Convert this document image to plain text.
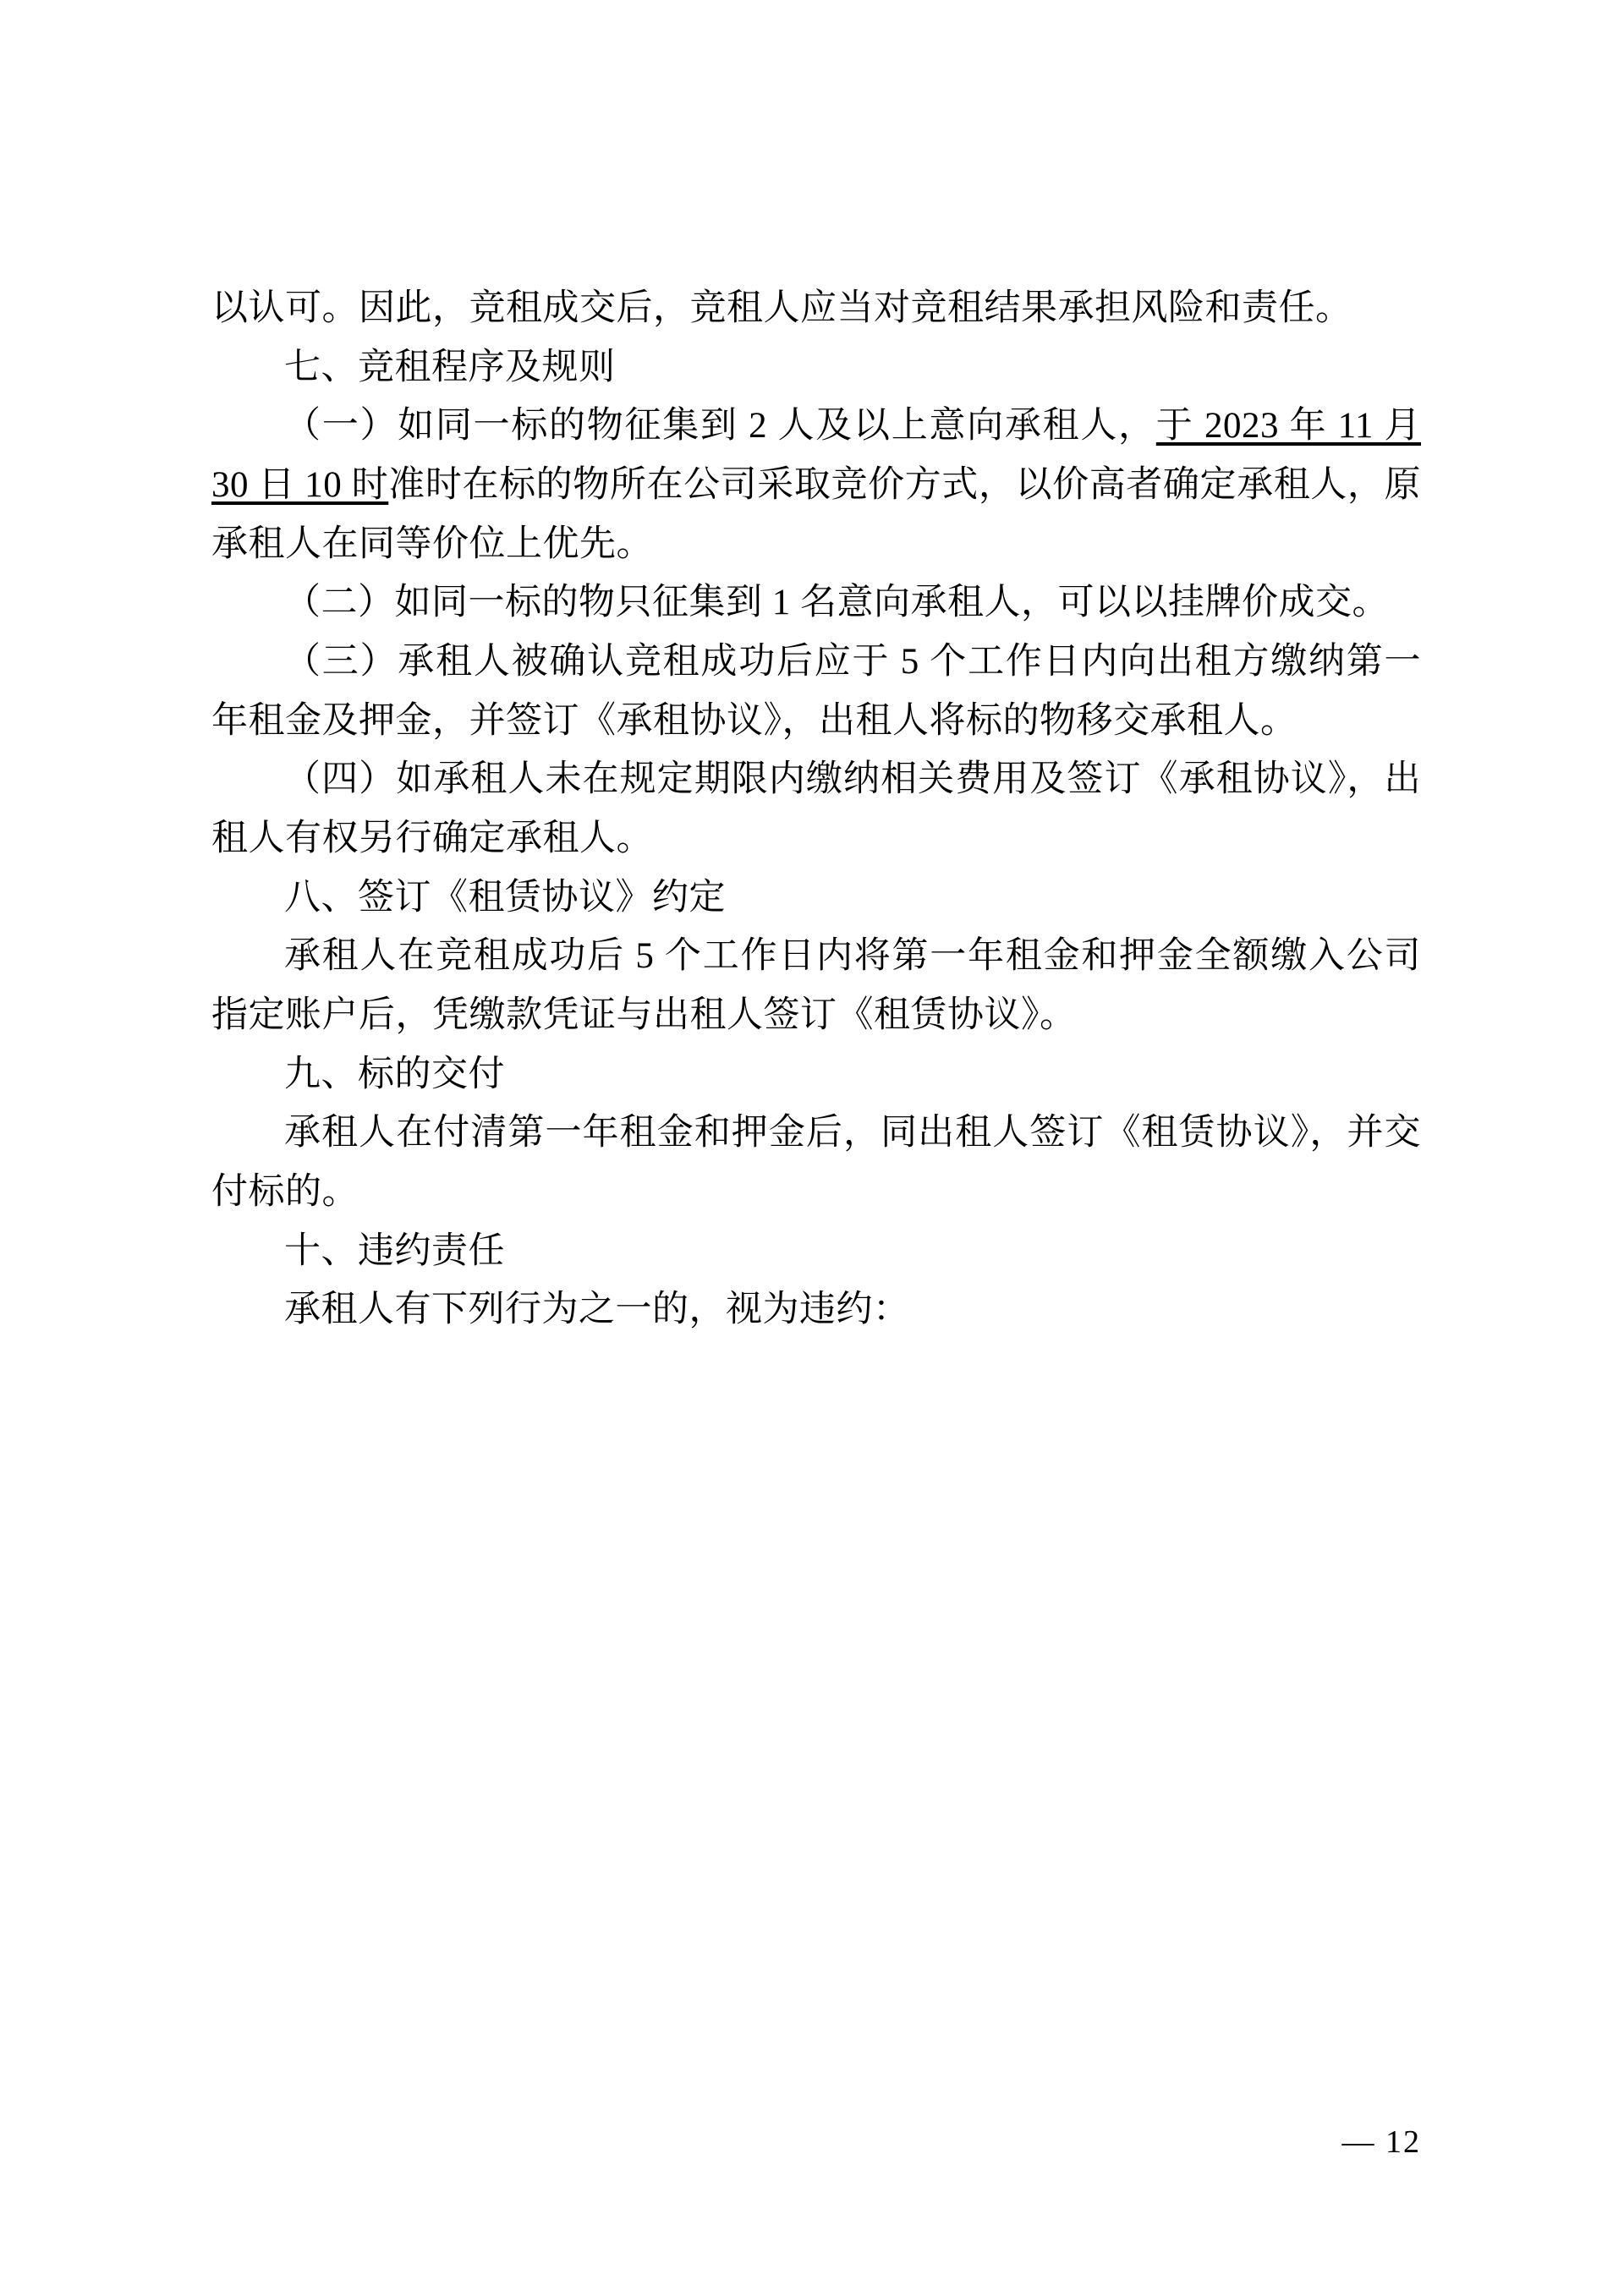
以认可。因此，竞租成交后，竞租人应当对竞租结果承担风险和责任。

七、竞租程序及规则

（一）如同一标的物征集到 2 人及以上意向承租人，于 2023 年 11 月 30 日 10 时准时在标的物所在公司采取竞价方式，以价高者确定承租人，原承租人在同等价位上优先。

（二）如同一标的物只征集到 1 名意向承租人，可以以挂牌价成交。

（三）承租人被确认竞租成功后应于 5 个工作日内向出租方缴纳第一年租金及押金，并签订《承租协议》，出租人将标的物移交承租人。

（四）如承租人未在规定期限内缴纳相关费用及签订《承租协议》，出租人有权另行确定承租人。

八、签订《租赁协议》约定

承租人在竞租成功后 5 个工作日内将第一年租金和押金全额缴入公司指定账户后，凭缴款凭证与出租人签订《租赁协议》。

九、标的交付

承租人在付清第一年租金和押金后，同出租人签订《租赁协议》，并交付标的。

十、违约责任

承租人有下列行为之一的，视为违约：

— 12
